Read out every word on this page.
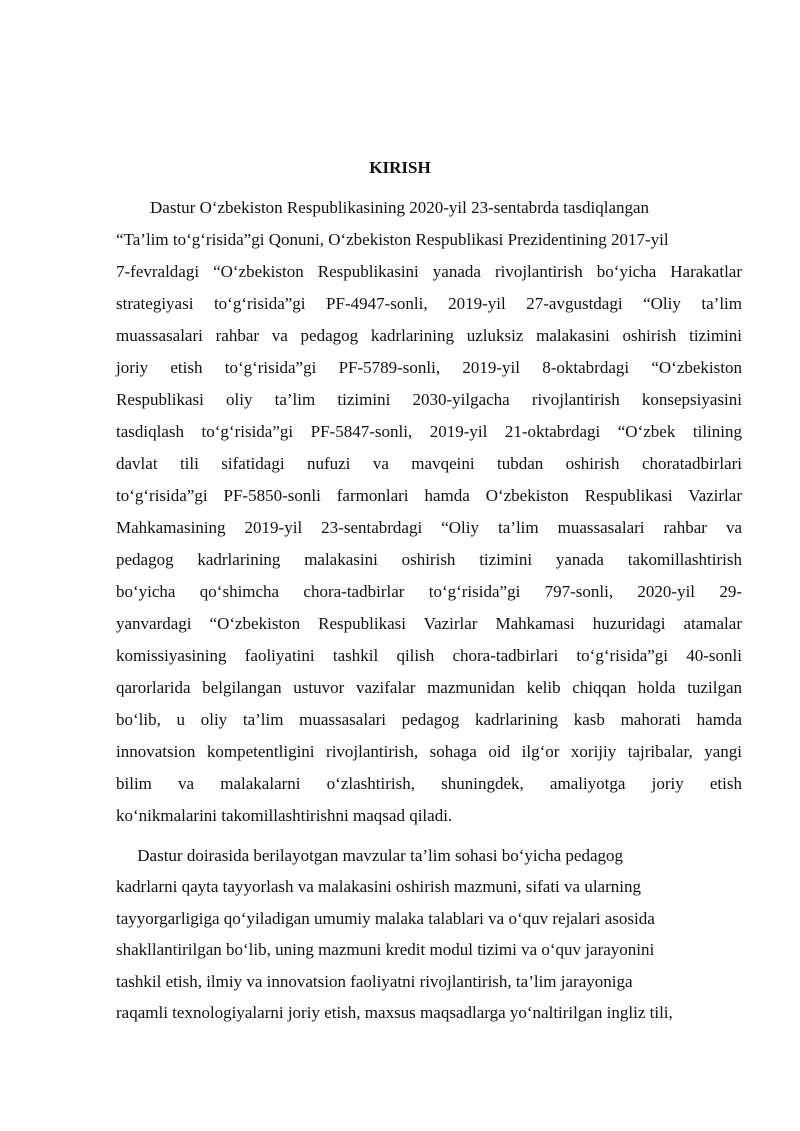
KIRISH
Dastur O‘zbekiston Respublikasining 2020-yil 23-sentabrda tasdiqlangan
“Ta’lim to‘g‘risida”gi Qonuni, O‘zbekiston Respublikasi Prezidentining 2017-yil
7-fevraldagi “O‘zbekiston Respublikasini yanada rivojlantirish bo‘yicha Harakatlar
strategiyasi to‘g‘risida”gi PF-4947-sonli, 2019-yil 27-avgustdagi “Oliy ta’lim
muassasalari rahbar va pedagog kadrlarining uzluksiz malakasini oshirish tizimini
joriy etish to‘g‘risida”gi PF-5789-sonli, 2019-yil 8-oktabrdagi “O‘zbekiston
Respublikasi oliy ta’lim tizimini 2030-yilgacha rivojlantirish konsepsiyasini
tasdiqlash to‘g‘risida”gi PF-5847-sonli, 2019-yil 21-oktabrdagi “O‘zbek tilining
davlat tili sifatidagi nufuzi va mavqeini tubdan oshirish choratadbirlari
to‘g‘risida”gi PF-5850-sonli farmonlari hamda O‘zbekiston Respublikasi Vazirlar
Mahkamasining 2019-yil 23-sentabrdagi “Oliy ta’lim muassasalari rahbar va
pedagog kadrlarining malakasini oshirish tizimini yanada takomillashtirish
bo‘yicha qo‘shimcha chora-tadbirlar to‘g‘risida”gi 797-sonli, 2020-yil 29-
yanvardagi “O‘zbekiston Respublikasi Vazirlar Mahkamasi huzuridagi atamalar
komissiyasining faoliyatini tashkil qilish chora-tadbirlari to‘g‘risida”gi 40-sonli
qarorlarida belgilangan ustuvor vazifalar mazmunidan kelib chiqqan holda tuzilgan
bo‘lib, u oliy ta’lim muassasalari pedagog kadrlarining kasb mahorati hamda
innovatsion kompetentligini rivojlantirish, sohaga oid ilg‘or xorijiy tajribalar, yangi
bilim va malakalarni o‘zlashtirish, shuningdek, amaliyotga joriy etish
ko‘nikmalarini takomillashtirishni maqsad qiladi.
Dastur doirasida berilayotgan mavzular ta’lim sohasi bo‘yicha pedagog
kadrlarni qayta tayyorlash va malakasini oshirish mazmuni, sifati va ularning
tayyorgarligiga qo‘yiladigan umumiy malaka talablari va o‘quv rejalari asosida
shakllantirilgan bo‘lib, uning mazmuni kredit modul tizimi va o‘quv jarayonini
tashkil etish, ilmiy va innovatsion faoliyatni rivojlantirish, ta’lim jarayoniga
raqamli texnologiyalarni joriy etish, maxsus maqsadlarga yo‘naltirilgan ingliz tili,
